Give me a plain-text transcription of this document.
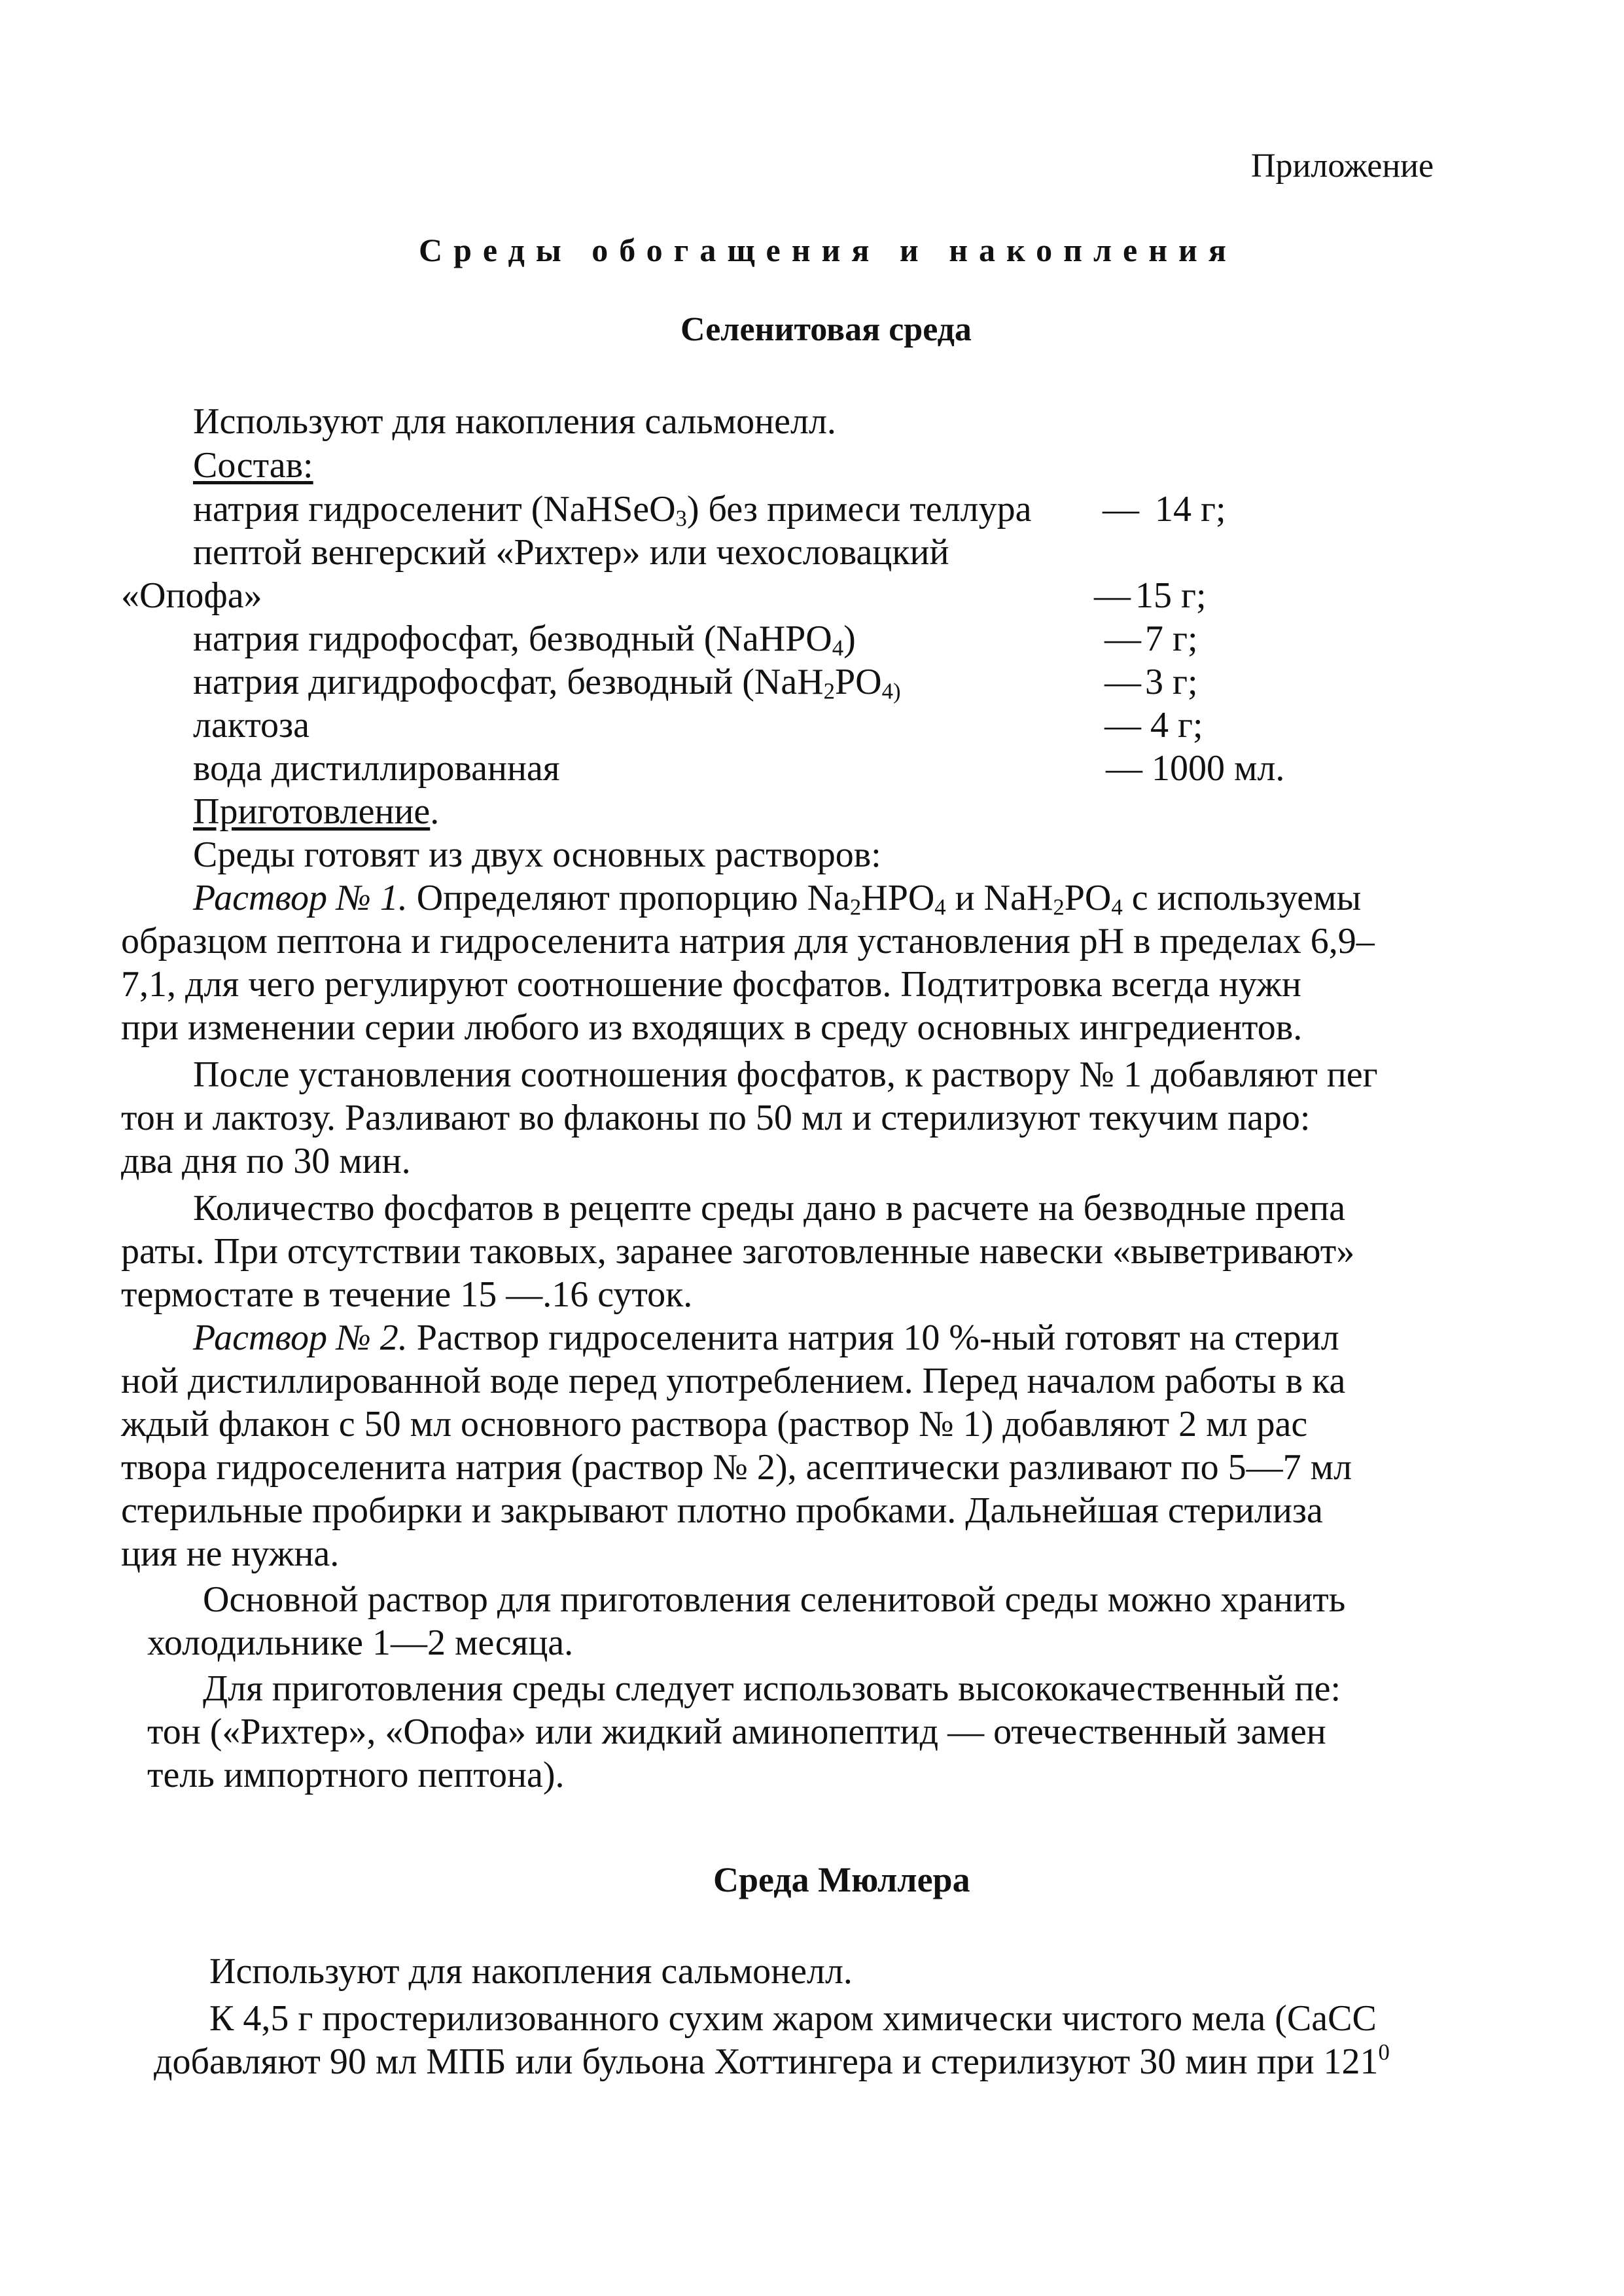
Приложение
Среды обогащения и накопления
Селенитовая среда
Используют для накопления сальмонелл.
Состав:
натрия гидроселенит (NaHSeO$_3$) без примеси теллура — 14 г;
пептой венгерский «Рихтер» или чехословацкий
«Опофа»	— 15 г;
натрия гидрофосфат, безводный (NaHPO$_4$)	— 7 г;
натрия дигидрофосфат, безводный ($NaH_2PO_{4)}$	— 3 г;
лактоза	— 4 г;
вода дистиллированная	— 1000 мл.
Приготовление.
Среды готовят из двух основных растворов:
Раствор № 1. Определяют пропорцию $Na_2HPO_4$ и $NaH_2PO_4$ с используемы
образцом пептона и гидроселенита натрия для установления рН в пределах 6,9–
7,1, для чего регулируют соотношение фосфатов. Подтитровка всегда нужн
при изменении серии любого из входящих в среду основных ингредиентов.
После установления соотношения фосфатов, к раствору № 1 добавляют пег
тон и лактозу. Разливают во флаконы по 50 мл и стерилизуют текучим паро:
два дня по 30 мин.
Количество фосфатов в рецепте среды дано в расчете на безводные препа
раты. При отсутствии таковых, заранее заготовленные навески «выветривают»
термостате в течение 15 —.16 суток.
Раствор № 2. Раствор гидроселенита натрия 10 %-ный готовят на стерил
ной дистиллированной воде перед употреблением. Перед началом работы в ка
ждый флакон с 50 мл основного раствора (раствор № 1) добавляют 2 мл рас
твора гидроселенита натрия (раствор № 2), асептически разливают по 5—7 мл
стерильные пробирки и закрывают плотно пробками. Дальнейшая стерилиза
ция не нужна.
Основной раствор для приготовления селенитовой среды можно хранить
холодильнике 1—2 месяца.
Для приготовления среды следует использовать высококачественный пе:
тон («Рихтер», «Опофа» или жидкий аминопептид — отечественный замен
тель импортного пептона).
Среда Мюллера
Используют для накопления сальмонелл.
К 4,5 г простерилизованного сухим жаром химически чистого мела (CaCC
добавляют 90 мл МПБ или бульона Хоттингера и стерилизуют 30 мин при $121^0$
